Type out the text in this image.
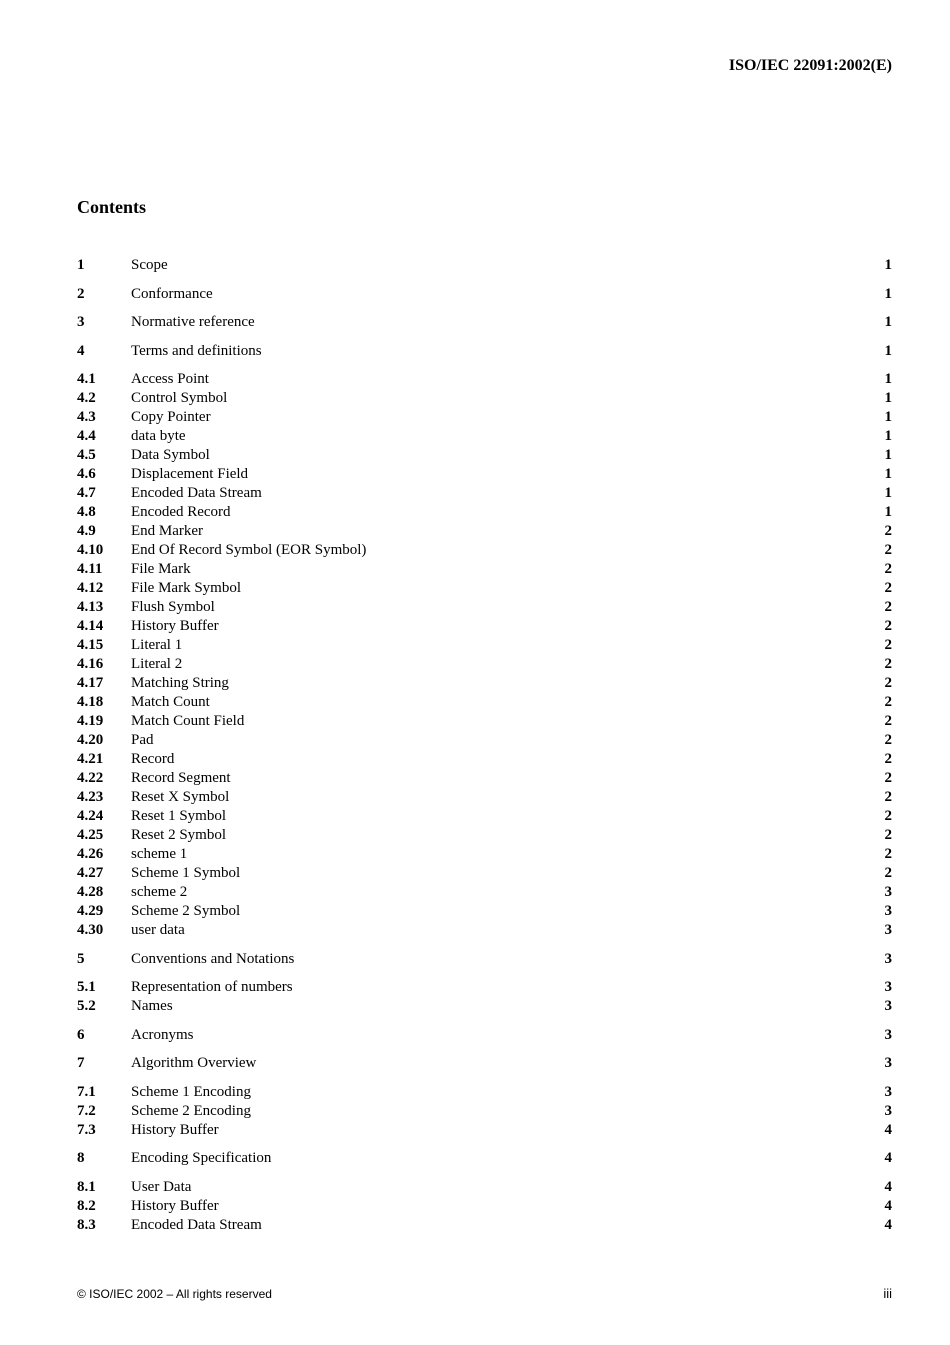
ISO/IEC 22091:2002(E)
Contents
1	Scope	1
2	Conformance	1
3	Normative reference	1
4	Terms and definitions	1
4.1	Access Point	1
4.2	Control Symbol	1
4.3	Copy Pointer	1
4.4	data byte	1
4.5	Data Symbol	1
4.6	Displacement Field	1
4.7	Encoded Data Stream	1
4.8	Encoded Record	1
4.9	End Marker	2
4.10	End Of Record Symbol (EOR Symbol)	2
4.11	File Mark	2
4.12	File Mark Symbol	2
4.13	Flush Symbol	2
4.14	History Buffer	2
4.15	Literal 1	2
4.16	Literal 2	2
4.17	Matching String	2
4.18	Match Count	2
4.19	Match Count Field	2
4.20	Pad	2
4.21	Record	2
4.22	Record Segment	2
4.23	Reset X Symbol	2
4.24	Reset 1 Symbol	2
4.25	Reset 2 Symbol	2
4.26	scheme 1	2
4.27	Scheme 1 Symbol	2
4.28	scheme 2	3
4.29	Scheme 2 Symbol	3
4.30	user data	3
5	Conventions and Notations	3
5.1	Representation of numbers	3
5.2	Names	3
6	Acronyms	3
7	Algorithm Overview	3
7.1	Scheme 1 Encoding	3
7.2	Scheme 2 Encoding	3
7.3	History Buffer	4
8	Encoding Specification	4
8.1	User Data	4
8.2	History Buffer	4
8.3	Encoded Data Stream	4
© ISO/IEC 2002 – All rights reserved	iii
